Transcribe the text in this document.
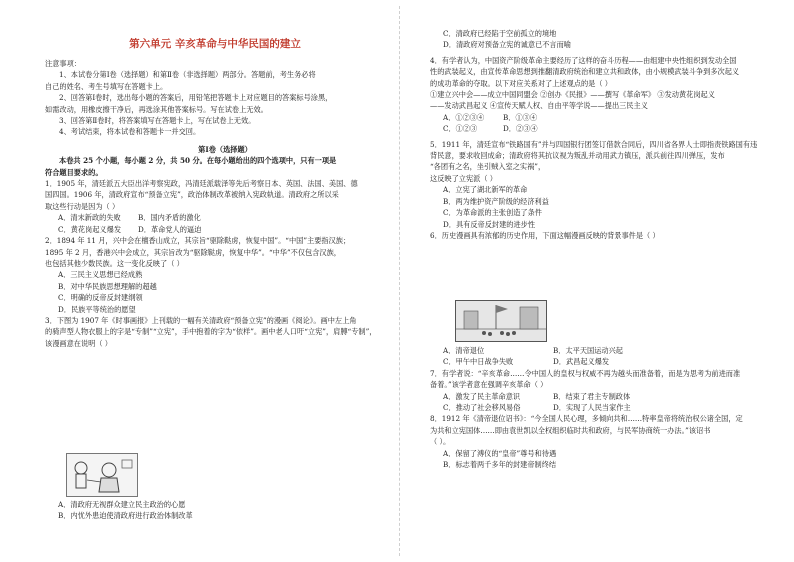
第六单元 辛亥革命与中华民国的建立
注意事项：
1、本试卷分第Ⅰ卷（选择题）和第Ⅱ卷（非选择题）两部分。答题前，考生务必将
自己的姓名、考生号填写在答题卡上。
2、回答第Ⅰ卷时，选出每小题的答案后，用铅笔把答题卡上对应题目的答案标号涂黑，
如需改动，用橡皮擦干净后，再选涂其他答案标号。写在试卷上无效。
3、回答第Ⅱ卷时，将答案填写在答题卡上，写在试卷上无效。
4、考试结束，将本试卷和答题卡一并交回。
第Ⅰ卷（选择题）
本卷共 25 个小题，每小题 2 分，共 50 分。在每小题给出的四个选项中，只有一项是
符合题目要求的。
1．1905 年，清廷派五大臣出洋考察宪政，冯清廷派载泽等先后考察日本、英国、法国、美国、德
国四国。1906 年，清政府宣布“预备立宪”，政治体制改革被纳入宪政轨道。清政府之所以采
取这些行动是因为（ ）
A．清末新政的失败 B．国内矛盾的激化
C．黄花岗起义爆发 D．革命党人的逼迫
2．1894 年 11 月，兴中会在檀香山成立，其宗旨“驱除鞑虏，恢复中国”。“中国”主要指汉族；
1895 年 2 月，香港兴中会成立，其宗旨改为“驱除鞑虏，恢复中华”。“中华”不仅包含汉族，
也包括其他少数民族。这一变化反映了（ ）
A．三民主义思想已经成熟
B．对中华民族思想理解的超越
C．明确的反帝反封建纲领
D．民族平等统治的愿望
3．下图为 1907 年《时事画报》上刊载的一幅有关清政府“预备立宪”的漫画《阅论》。画中左上角
的骑声型人物衣服上的字是“专制”“立宪”，手中抱着的字为“依样”。画中老人口吁“立宪”，肩膊“专制”，
该漫画意在说明（ ）
A．清政府无视群众建立民主政治的心愿
B．内忧外患迫使清政府进行政治体制改革
C．清政府已经陷于空前孤立的境地
D．清政府对预备立宪的诚意已不言而喻
4．有学者认为，中国资产阶级革命主要经历了这样的奋斗历程——由组建中央性组织到发动全国
性的武装起义，由宣传革命思想到推翻清政府统治和建立共和政体，由小规模武装斗争到多次起义
的成功革命的夺取。以下对应关系对了上述观点的是（ ）
①建立兴中会——成立中国同盟会 ②创办《民报》——撰写《革命军》 ③发动黄花岗起义
——发动武昌起义 ④宣传天赋人权、自由平等学说——提出三民主义
A．①②③④	B．①③④
C．①②③	D．②③④
5．1911 年，清廷宣布“铁路国有”并与四国银行团签订借款合同后，四川省各界人士即指责铁路国有违
背民意，要求收回成命；清政府将其抗议视为叛乱并动用武力镇压，派兵前往四川弹压，发布
“各团有之名，坐引贼入室之实祸”，
这反映了立宪派（ ）
A．立宪了湖北新军的革命
B．两为维护资产阶级的经济利益
C．为革命派的主张创造了条件
D．具有反帝反封建的进步性
6．历史漫画具有浓郁的历史作用，下面这幅漫画反映的背景事件是（ ）
A．清帝退位	B．太平天国运动兴起
C．甲午中日战争失败	D．武昌起义爆发
7．有学者说：“辛亥革命……令中国人的皇权与权威不再为越头而准备着，而是为思考为前进而准
备着。”该学者意在强调辛亥革命（ ）
A．激发了民主革命意识	B．结束了君主专制政体
C．推动了社会移风易俗	D．实现了人民当家作主
8．1912 年《清帝退位诏书》：“今全国人民心理，多倾向共和……特率皇帝将统治权公诸全国，定
为共和立宪国体……即由袁世凯以全权组织临时共和政府，与民军协商统一办法。”该诏书
（ ）。
A．保留了溥仪的“皇帝”尊号和待遇
B．标志着两千多年的封建帝制终结
